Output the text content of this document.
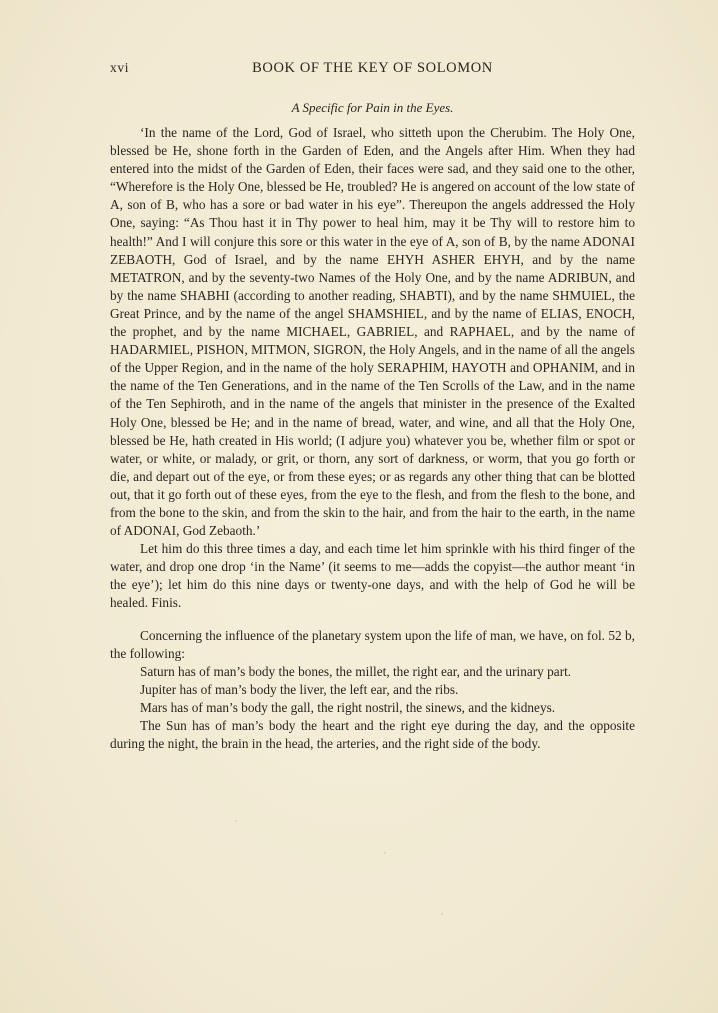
xvi	BOOK OF THE KEY OF SOLOMON
A Specific for Pain in the Eyes.

‘In the name of the Lord, God of Israel, who sitteth upon the Cherubim. The Holy One, blessed be He, shone forth in the Garden of Eden, and the Angels after Him. When they had entered into the midst of the Garden of Eden, their faces were sad, and they said one to the other, “Wherefore is the Holy One, blessed be He, troubled? He is angered on account of the low state of A, son of B, who has a sore or bad water in his eye”. Thereupon the angels addressed the Holy One, saying: “As Thou hast it in Thy power to heal him, may it be Thy will to restore him to health!” And I will conjure this sore or this water in the eye of A, son of B, by the name ADONAI ZEBAOTH, God of Israel, and by the name EHYH ASHER EHYH, and by the name METATRON, and by the seventy-two Names of the Holy One, and by the name ADRIBUN, and by the name SHABHI (according to another reading, SHABTI), and by the name SHMUIEL, the Great Prince, and by the name of the angel SHAMSHIEL, and by the name of ELIAS, ENOCH, the prophet, and by the name MICHAEL, GABRIEL, and RAPHAEL, and by the name of HADARMIEL, PISHON, MITMON, SIGRON, the Holy Angels, and in the name of all the angels of the Upper Region, and in the name of the holy SERAPHIM, HAYOTH and OPHANIM, and in the name of the Ten Generations, and in the name of the Ten Scrolls of the Law, and in the name of the Ten Sephiroth, and in the name of the angels that minister in the presence of the Exalted Holy One, blessed be He; and in the name of bread, water, and wine, and all that the Holy One, blessed be He, hath created in His world; (I adjure you) whatever you be, whether film or spot or water, or white, or malady, or grit, or thorn, any sort of darkness, or worm, that you go forth or die, and depart out of the eye, or from these eyes; or as regards any other thing that can be blotted out, that it go forth out of these eyes, from the eye to the flesh, and from the flesh to the bone, and from the bone to the skin, and from the skin to the hair, and from the hair to the earth, in the name of ADONAI, God Zebaoth.’

Let him do this three times a day, and each time let him sprinkle with his third finger of the water, and drop one drop ‘in the Name’ (it seems to me—adds the copyist—the author meant ‘in the eye’); let him do this nine days or twenty-one days, and with the help of God he will be healed. Finis.

Concerning the influence of the planetary system upon the life of man, we have, on fol. 52 b, the following:

Saturn has of man’s body the bones, the millet, the right ear, and the urinary part.

Jupiter has of man’s body the liver, the left ear, and the ribs.

Mars has of man’s body the gall, the right nostril, the sinews, and the kidneys.

The Sun has of man’s body the heart and the right eye during the day, and the opposite during the night, the brain in the head, the arteries, and the right side of the body.
